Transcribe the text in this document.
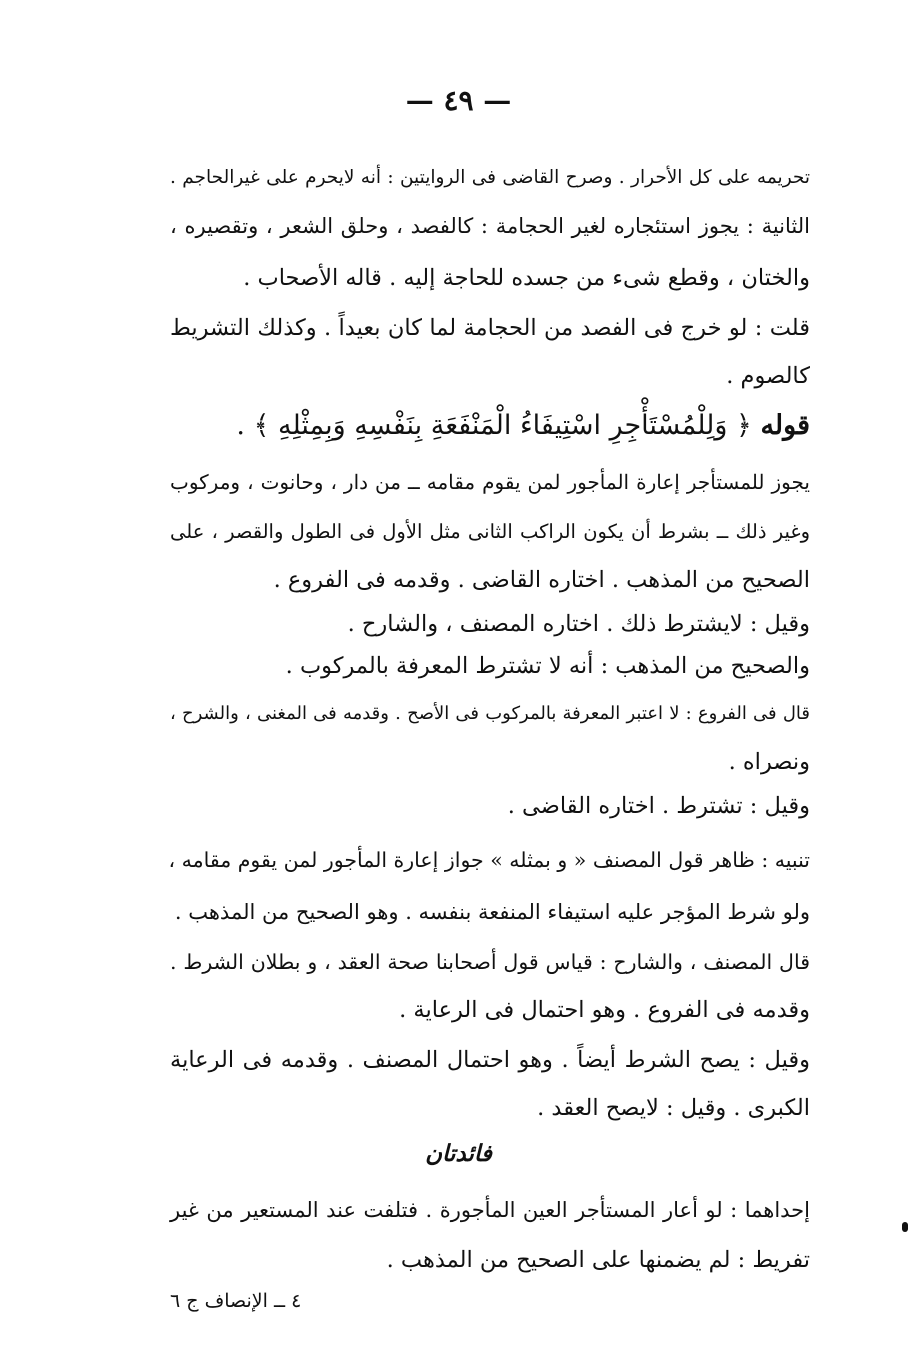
— ٤٩ —
تحريمه على كل الأحرار . وصرح القاضى فى الروايتين : أنه لايحرم على غيرالحاجم .
الثانية : يجوز استئجاره لغير الحجامة : كالفصد ، وحلق الشعر ، وتقصيره ،
والختان ، وقطع شىء من جسده للحاجة إليه . قاله الأصحاب .
قلت : لو خرج فى الفصد من الحجامة لما كان بعيداً . وكذلك التشريط
كالصوم .
قوله ﴿ وَلِلْمُسْتَأْجِرِ اسْتِيفَاءُ الْمَنْفَعَةِ بِنَفْسِهِ وَبِمِثْلِهِ ﴾ .
يجوز للمستأجر إعارة المأجور لمن يقوم مقامه ــ من دار ، وحانوت ، ومركوب
وغير ذلك ــ بشرط أن يكون الراكب الثانى مثل الأول فى الطول والقصر ، على
الصحيح من المذهب . اختاره القاضى . وقدمه فى الفروع .
وقيل : لايشترط ذلك . اختاره المصنف ، والشارح .
والصحيح من المذهب : أنه لا تشترط المعرفة بالمركوب .
قال فى الفروع : لا اعتبر المعرفة بالمركوب فى الأصح . وقدمه فى المغنى ، والشرح ،
ونصراه .
وقيل : تشترط . اختاره القاضى .
تنبيه : ظاهر قول المصنف « و بمثله » جواز إعارة المأجور لمن يقوم مقامه ،
ولو شرط المؤجر عليه استيفاء المنفعة بنفسه . وهو الصحيح من المذهب .
قال المصنف ، والشارح : قياس قول أصحابنا صحة العقد ، و بطلان الشرط .
وقدمه فى الفروع . وهو احتمال فى الرعاية .
وقيل : يصح الشرط أيضاً . وهو احتمال المصنف . وقدمه فى الرعاية
الكبرى . وقيل : لايصح العقد .
فائدتان
إحداهما : لو أعار المستأجر العين المأجورة . فتلفت عند المستعير من غير
تفريط : لم يضمنها على الصحيح من المذهب .
٤ ــ الإنصاف ج ٦
